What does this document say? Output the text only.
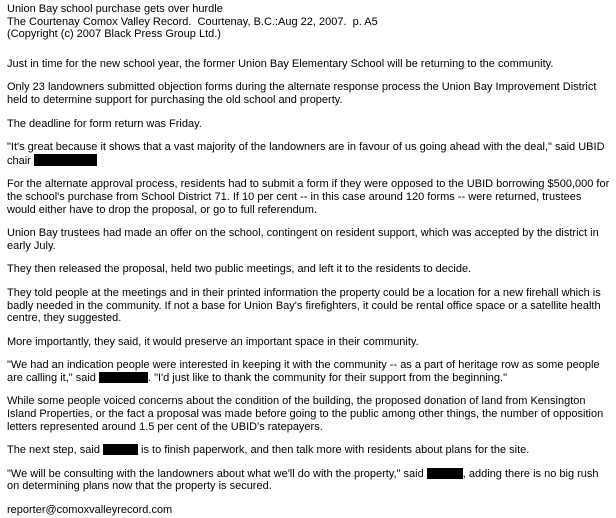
Union Bay school purchase gets over hurdle
The Courtenay Comox Valley Record.  Courtenay, B.C.:Aug 22, 2007.  p. A5
(Copyright (c) 2007 Black Press Group Ltd.)

Just in time for the new school year, the former Union Bay Elementary School will be returning to the community.

Only 23 landowners submitted objection forms during the alternate response process the Union Bay Improvement District held to determine support for purchasing the old school and property.

The deadline for form return was Friday.

"It's great because it shows that a vast majority of the landowners are in favour of us going ahead with the deal," said UBID chair

For the alternate approval process, residents had to submit a form if they were opposed to the UBID borrowing $500,000 for the school's purchase from School District 71. If 10 per cent -- in this case around 120 forms -- were returned, trustees would either have to drop the proposal, or go to full referendum.

Union Bay trustees had made an offer on the school, contingent on resident support, which was accepted by the district in early July.

They then released the proposal, held two public meetings, and left it to the residents to decide.

They told people at the meetings and in their printed information the property could be a location for a new firehall which is badly needed in the community. If not a base for Union Bay's firefighters, it could be rental office space or a satellite health centre, they suggested.

More importantly, they said, it would preserve an important space in their community.

"We had an indication people were interested in keeping it with the community -- as a part of heritage row as some people are calling it," said	. "I'd just like to thank the community for their support from the beginning."

While some people voiced concerns about the condition of the building, the proposed donation of land from Kensington Island Properties, or the fact a proposal was made before going to the public among other things, the number of opposition letters represented around 1.5 per cent of the UBID's ratepayers.

The next step, said	is to finish paperwork, and then talk more with residents about plans for the site.

"We will be consulting with the landowners about what we'll do with the property," said	, adding there is no big rush on determining plans now that the property is secured.

reporter@comoxvalleyrecord.com
